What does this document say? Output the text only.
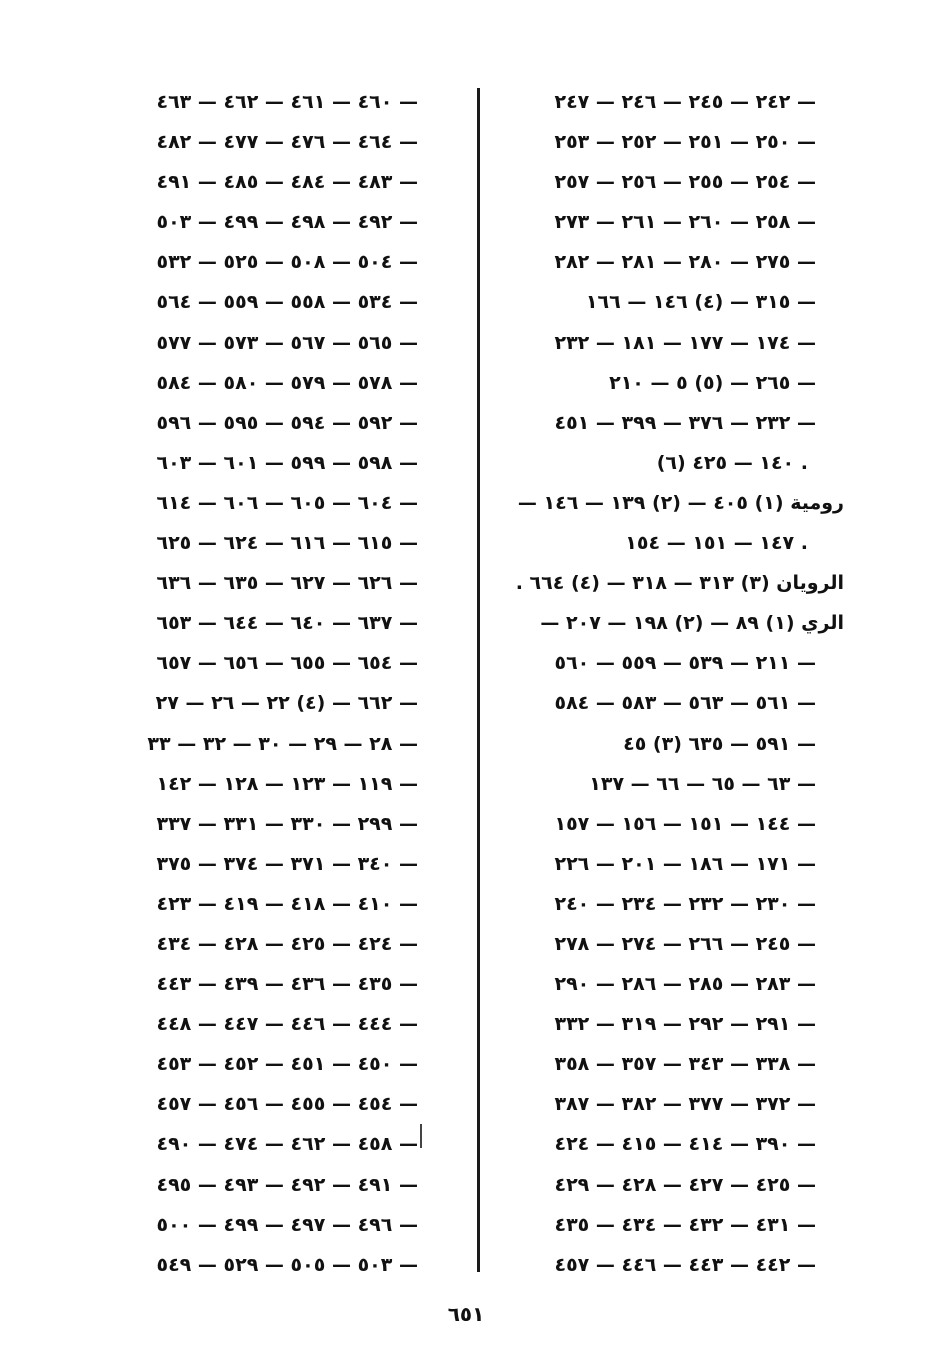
٢٤٢ — ٢٤٥ — ٢٤٦ — ٢٤٧ —
٢٥٠ — ٢٥١ — ٢٥٢ — ٢٥٣ —
٢٥٤ — ٢٥٥ — ٢٥٦ — ٢٥٧ —
٢٥٨ — ٢٦٠ — ٢٦١ — ٢٧٣ —
٢٧٥ — ٢٨٠ — ٢٨١ — ٢٨٢ —
٣١٥ — (٤) ١٤٦ — ١٦٦ —
١٧٤ — ١٧٧ — ١٨١ — ٢٣٢ —
٢٦٥ — (٥) ٥ — ٢١٠ —
٢٣٢ — ٣٧٦ — ٣٩٩ — ٤٥١ —
(٦) ١٤٠ — ٤٢٥ .
رومية (١) ٤٠٥ — (٢) ١٣٩ — ١٤٦ —
١٤٧ — ١٥١ — ١٥٤ .
الرويان (٣) ٣١٣ — ٣١٨ — (٤) ٦٦٤ .
الري (١) ٨٩ — (٢) ١٩٨ — ٢٠٧ —
٢١١ — ٥٣٩ — ٥٥٩ — ٥٦٠ —
٥٦١ — ٥٦٣ — ٥٨٣ — ٥٨٤ —
٥٩١ — ٦٣٥ (٣) ٤٥ —
٦٣ — ٦٥ — ٦٦ — ١٣٧ —
١٤٤ — ١٥١ — ١٥٦ — ١٥٧ —
١٧١ — ١٨٦ — ٢٠١ — ٢٢٦ —
٢٣٠ — ٢٣٢ — ٢٣٤ — ٢٤٠ —
٢٤٥ — ٢٦٦ — ٢٧٤ — ٢٧٨ —
٢٨٣ — ٢٨٥ — ٢٨٦ — ٢٩٠ —
٢٩١ — ٢٩٢ — ٣١٩ — ٣٣٢ —
٣٣٨ — ٣٤٣ — ٣٥٧ — ٣٥٨ —
٣٧٢ — ٣٧٧ — ٣٨٢ — ٣٨٧ —
٣٩٠ — ٤١٤ — ٤١٥ — ٤٢٤ —
٤٢٥ — ٤٢٧ — ٤٢٨ — ٤٢٩ —
٤٣١ — ٤٣٢ — ٤٣٤ — ٤٣٥ —
٤٤٢ — ٤٤٣ — ٤٤٦ — ٤٥٧ —
٤٦٠ — ٤٦١ — ٤٦٢ — ٤٦٣ —
٤٦٤ — ٤٧٦ — ٤٧٧ — ٤٨٢ —
٤٨٣ — ٤٨٤ — ٤٨٥ — ٤٩١ —
٤٩٢ — ٤٩٨ — ٤٩٩ — ٥٠٣ —
٥٠٤ — ٥٠٨ — ٥٢٥ — ٥٣٢ —
٥٣٤ — ٥٥٨ — ٥٥٩ — ٥٦٤ —
٥٦٥ — ٥٦٧ — ٥٧٣ — ٥٧٧ —
٥٧٨ — ٥٧٩ — ٥٨٠ — ٥٨٤ —
٥٩٢ — ٥٩٤ — ٥٩٥ — ٥٩٦ —
٥٩٨ — ٥٩٩ — ٦٠١ — ٦٠٣ —
٦٠٤ — ٦٠٥ — ٦٠٦ — ٦١٤ —
٦١٥ — ٦١٦ — ٦٢٤ — ٦٢٥ —
٦٢٦ — ٦٢٧ — ٦٣٥ — ٦٣٦ —
٦٣٧ — ٦٤٠ — ٦٤٤ — ٦٥٣ —
٦٥٤ — ٦٥٥ — ٦٥٦ — ٦٥٧ —
٦٦٢ — (٤) ٢٢ — ٢٦ — ٢٧ —
٢٨ — ٢٩ — ٣٠ — ٣٢ — ٣٣ —
١١٩ — ١٢٣ — ١٢٨ — ١٤٢ —
٢٩٩ — ٣٣٠ — ٣٣١ — ٣٣٧ —
٣٤٠ — ٣٧١ — ٣٧٤ — ٣٧٥ —
٤١٠ — ٤١٨ — ٤١٩ — ٤٢٣ —
٤٢٤ — ٤٢٥ — ٤٢٨ — ٤٣٤ —
٤٣٥ — ٤٣٦ — ٤٣٩ — ٤٤٣ —
٤٤٤ — ٤٤٦ — ٤٤٧ — ٤٤٨ —
٤٥٠ — ٤٥١ — ٤٥٢ — ٤٥٣ —
٤٥٤ — ٤٥٥ — ٤٥٦ — ٤٥٧ —
٤٥٨ — ٤٦٢ — ٤٧٤ — ٤٩٠ —
٤٩١ — ٤٩٢ — ٤٩٣ — ٤٩٥ —
٤٩٦ — ٤٩٧ — ٤٩٩ — ٥٠٠ —
٥٠٣ — ٥٠٥ — ٥٢٩ — ٥٤٩ —
٦٥١
